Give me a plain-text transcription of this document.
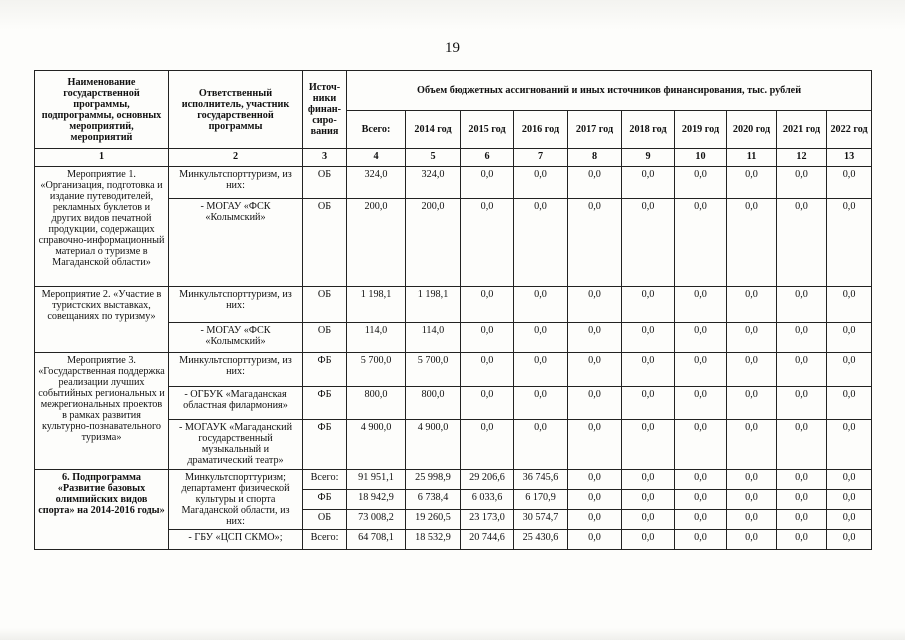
19
Наименование государственной программы, подпрограммы, основных мероприятий, мероприятий	Ответственный исполнитель, участник государственной программы	Источ-ники финан-сиро-вания	Объем бюджетных ассигнований и иных источников финансирования, тыс. рублей									
			Всего:	2014 год	2015 год	2016 год	2017 год	2018 год	2019 год	2020 год	2021 год	2022 год
1	2	3	4	5	6	7	8	9	10	11	12	13
Мероприятие 1. «Организация, подготовка и издание путеводителей, рекламных буклетов и других видов печатной продукции, содержащих справочно-информационный материал о туризме в Магаданской области»	Минкультспорттуризм, из них:	ОБ	324,0	324,0	0,0	0,0	0,0	0,0	0,0	0,0	0,0	0,0
	- МОГАУ «ФСК «Колымский»	ОБ	200,0	200,0	0,0	0,0	0,0	0,0	0,0	0,0	0,0	0,0
Мероприятие 2. «Участие в туристских выставках, совещаниях по туризму»	Минкультспорттуризм, из них:	ОБ	1 198,1	1 198,1	0,0	0,0	0,0	0,0	0,0	0,0	0,0	0,0
	- МОГАУ «ФСК «Колымский»	ОБ	114,0	114,0	0,0	0,0	0,0	0,0	0,0	0,0	0,0	0,0
Мероприятие 3. «Государственная поддержка реализации лучших событийных региональных и межрегиональных проектов в рамках развития культурно-познавательного туризма»	Минкультспорттуризм, из них:	ФБ	5 700,0	5 700,0	0,0	0,0	0,0	0,0	0,0	0,0	0,0	0,0
	- ОГБУК «Магаданская областная филармония»	ФБ	800,0	800,0	0,0	0,0	0,0	0,0	0,0	0,0	0,0	0,0
	- МОГАУК «Магаданский государственный музыкальный и драматический театр»	ФБ	4 900,0	4 900,0	0,0	0,0	0,0	0,0	0,0	0,0	0,0	0,0
6. Подпрограмма «Развитие базовых олимпийских видов спорта» на 2014-2016 годы»	Минкультспорттуризм; департамент физической культуры и спорта Магаданской области, из них:	Всего:	91 951,1	25 998,9	29 206,6	36 745,6	0,0	0,0	0,0	0,0	0,0	0,0
		ФБ	18 942,9	6 738,4	6 033,6	6 170,9	0,0	0,0	0,0	0,0	0,0	0,0
		ОБ	73 008,2	19 260,5	23 173,0	30 574,7	0,0	0,0	0,0	0,0	0,0	0,0
	- ГБУ «ЦСП СКМО»;	Всего:	64 708,1	18 532,9	20 744,6	25 430,6	0,0	0,0	0,0	0,0	0,0	0,0
